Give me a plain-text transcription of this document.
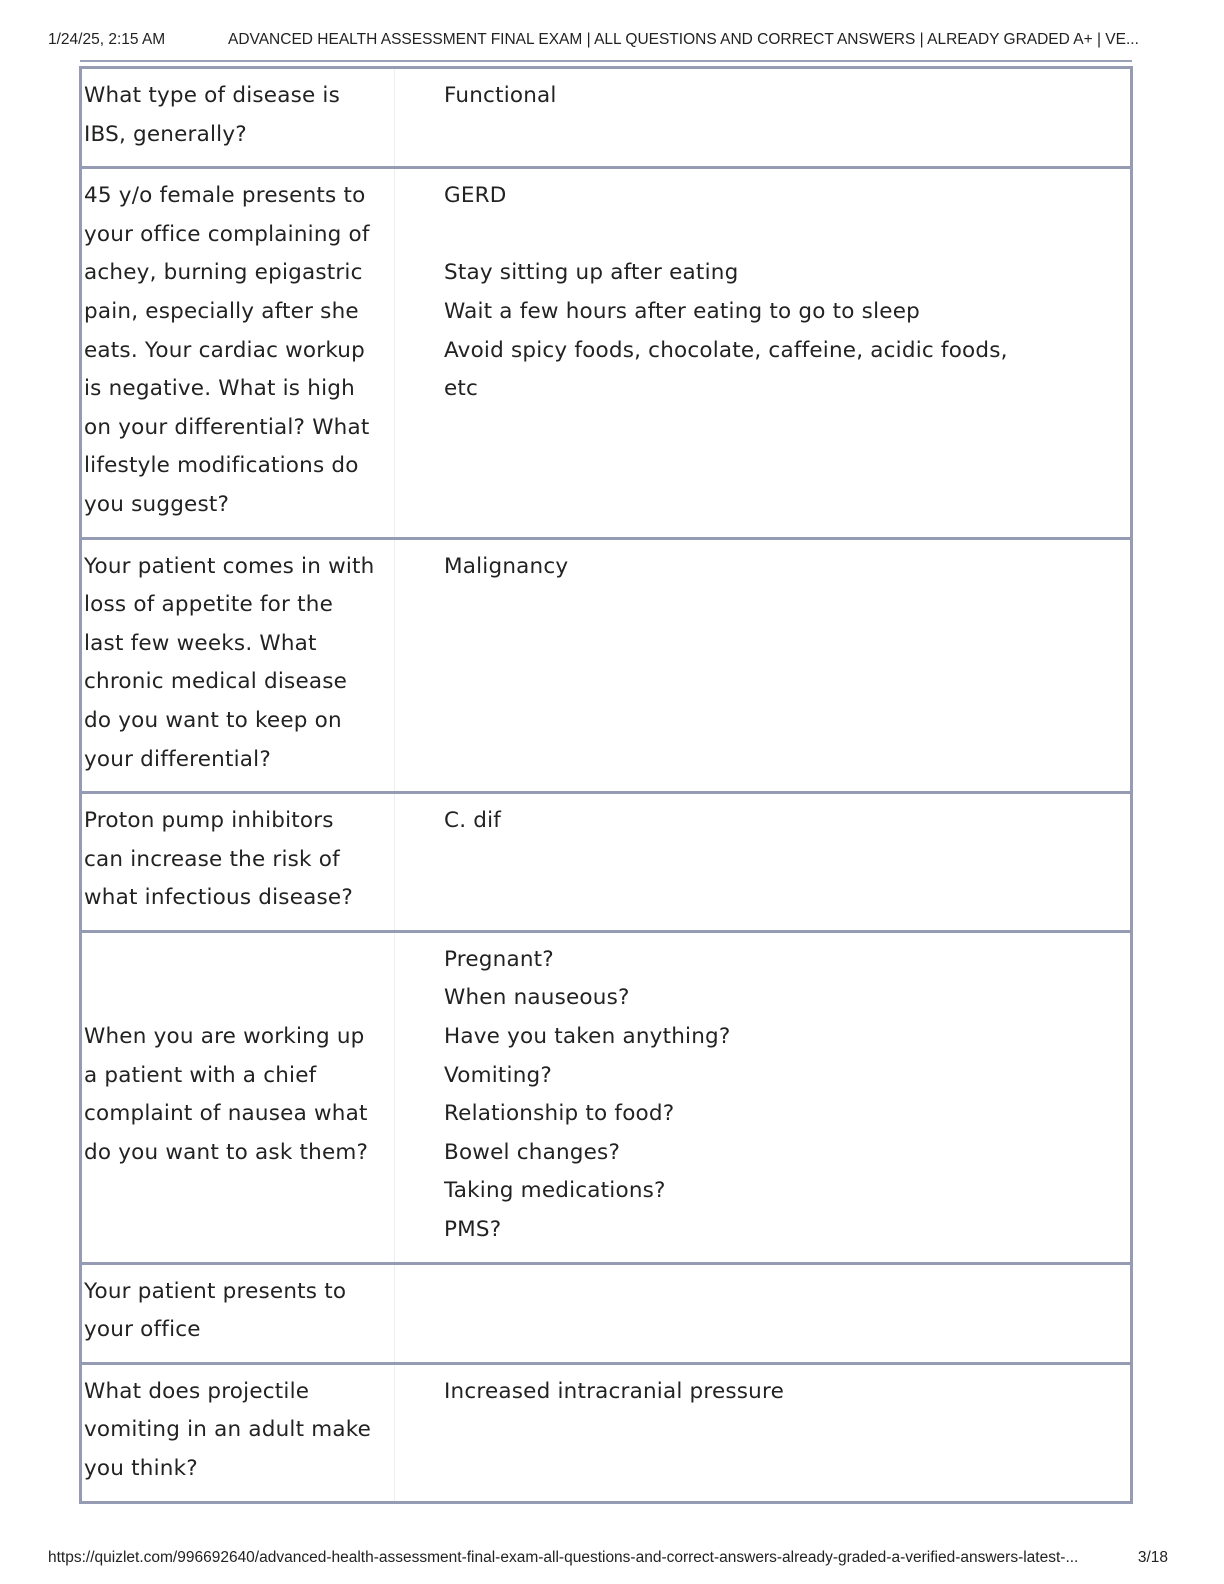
1/24/25, 2:15 AM	ADVANCED HEALTH ASSESSMENT FINAL EXAM | ALL QUESTIONS AND CORRECT ANSWERS | ALREADY GRADED A+ | VE...
What type of disease is
IBS, generally?
Functional
45 y/o female presents to
your office complaining of
achey, burning epigastric
pain, especially after she
eats. Your cardiac workup
is negative. What is high
on your differential? What
lifestyle modifications do
you suggest?
GERD

Stay sitting up after eating
Wait a few hours after eating to go to sleep
Avoid spicy foods, chocolate, caffeine, acidic foods,
etc
Your patient comes in with
loss of appetite for the
last few weeks. What
chronic medical disease
do you want to keep on
your differential?
Malignancy
Proton pump inhibitors
can increase the risk of
what infectious disease?
C. dif
When you are working up
a patient with a chief
complaint of nausea what
do you want to ask them?
Pregnant?
When nauseous?
Have you taken anything?
Vomiting?
Relationship to food?
Bowel changes?
Taking medications?
PMS?
Your patient presents to
your office
What does projectile
vomiting in an adult make
you think?
Increased intracranial pressure
https://quizlet.com/996692640/advanced-health-assessment-final-exam-all-questions-and-correct-answers-already-graded-a-verified-answers-latest-...	3/18
